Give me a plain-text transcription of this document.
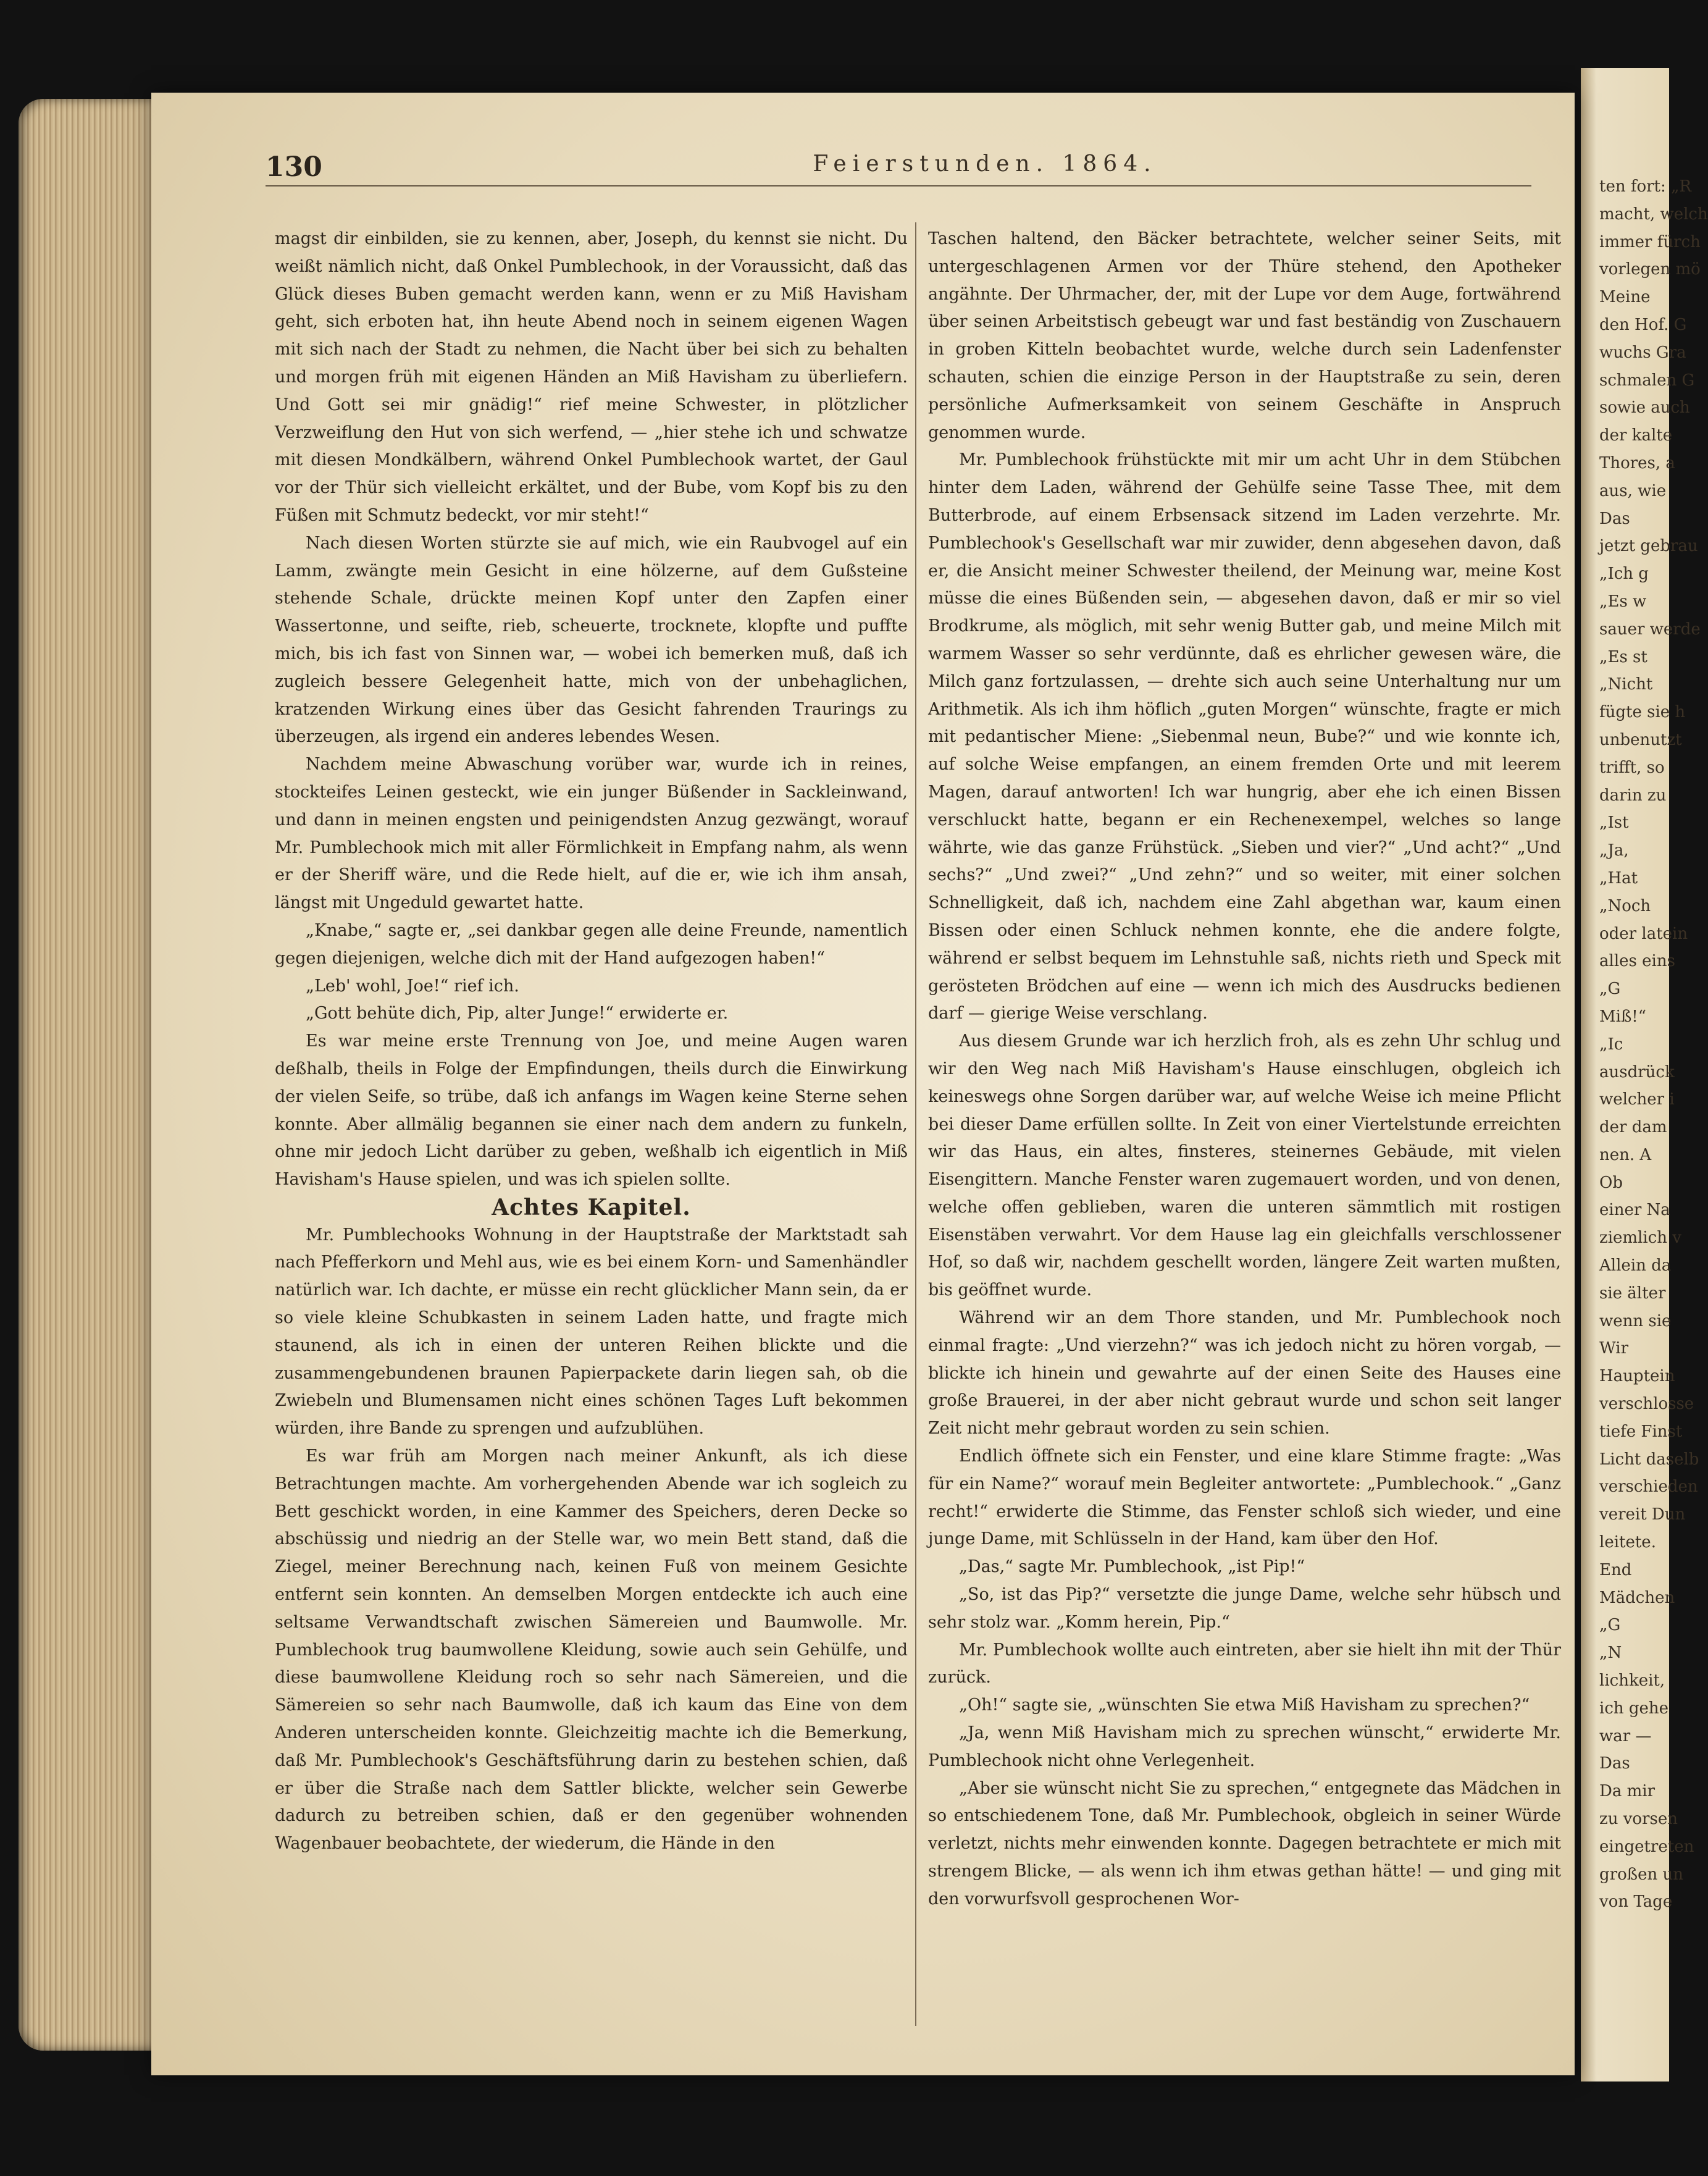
ten fort: „R
macht, welch
immer fürch
vorlegen mö
Meine
den Hof. G
wuchs Gra
schmalen G
sowie auch
der kalte
Thores, a
aus, wie
Das
jetzt gebrau
„Ich g
„Es w
sauer werde
„Es st
„Nicht
fügte sie h
unbenutzt
trifft, so
darin zu
„Ist
„Ja,
„Hat
„Noch
oder latein
alles eins
„G
Miß!“
„Ic
ausdrück
welcher i
der dam
nen. A
Ob
einer Na
ziemlich v
Allein da
sie älter
wenn sie
Wir
Hauptein
verschlosse
tiefe Finst
Licht daselb
verschieden
vereit Dun
leitete.
End
Mädchen
„G
„N
lichkeit,
ich gehe
war —
Das
Da mir
zu vorsen
eingetreten
großen un
von Tage
130	Feierstunden. 1864.

magst dir einbilden, sie zu kennen, aber, Joseph, du kennst sie nicht. Du weißt nämlich nicht, daß Onkel Pumblechook, in der Voraussicht, daß das Glück dieses Buben gemacht werden kann, wenn er zu Miß Havisham geht, sich erboten hat, ihn heute Abend noch in seinem eigenen Wagen mit sich nach der Stadt zu nehmen, die Nacht über bei sich zu behalten und morgen früh mit eigenen Händen an Miß Havisham zu überliefern. Und Gott sei mir gnädig!“ rief meine Schwester, in plötzlicher Verzweiflung den Hut von sich werfend, — „hier stehe ich und schwatze mit diesen Mondkälbern, während Onkel Pumblechook wartet, der Gaul vor der Thür sich vielleicht erkältet, und der Bube, vom Kopf bis zu den Füßen mit Schmutz bedeckt, vor mir steht!“

Nach diesen Worten stürzte sie auf mich, wie ein Raubvogel auf ein Lamm, zwängte mein Gesicht in eine hölzerne, auf dem Gußsteine stehende Schale, drückte meinen Kopf unter den Zapfen einer Wassertonne, und seifte, rieb, scheuerte, trocknete, klopfte und puffte mich, bis ich fast von Sinnen war, — wobei ich bemerken muß, daß ich zugleich bessere Gelegenheit hatte, mich von der unbehaglichen, kratzenden Wirkung eines über das Gesicht fahrenden Traurings zu überzeugen, als irgend ein anderes lebendes Wesen.

Nachdem meine Abwaschung vorüber war, wurde ich in reines, stockteifes Leinen gesteckt, wie ein junger Büßender in Sackleinwand, und dann in meinen engsten und peinigendsten Anzug gezwängt, worauf Mr. Pumblechook mich mit aller Förmlichkeit in Empfang nahm, als wenn er der Sheriff wäre, und die Rede hielt, auf die er, wie ich ihm ansah, längst mit Ungeduld gewartet hatte.

„Knabe,“ sagte er, „sei dankbar gegen alle deine Freunde, namentlich gegen diejenigen, welche dich mit der Hand aufgezogen haben!“

„Leb' wohl, Joe!“ rief ich.

„Gott behüte dich, Pip, alter Junge!“ erwiderte er.

Es war meine erste Trennung von Joe, und meine Augen waren deßhalb, theils in Folge der Empfindungen, theils durch die Einwirkung der vielen Seife, so trübe, daß ich anfangs im Wagen keine Sterne sehen konnte. Aber allmälig begannen sie einer nach dem andern zu funkeln, ohne mir jedoch Licht darüber zu geben, weßhalb ich eigentlich in Miß Havisham's Hause spielen, und was ich spielen sollte.

Achtes Kapitel.

Mr. Pumblechooks Wohnung in der Hauptstraße der Marktstadt sah nach Pfefferkorn und Mehl aus, wie es bei einem Korn- und Samenhändler natürlich war. Ich dachte, er müsse ein recht glücklicher Mann sein, da er so viele kleine Schubkasten in seinem Laden hatte, und fragte mich staunend, als ich in einen der unteren Reihen blickte und die zusammengebundenen braunen Papierpackete darin liegen sah, ob die Zwiebeln und Blumensamen nicht eines schönen Tages Luft bekommen würden, ihre Bande zu sprengen und aufzublühen.

Es war früh am Morgen nach meiner Ankunft, als ich diese Betrachtungen machte. Am vorhergehenden Abende war ich sogleich zu Bett geschickt worden, in eine Kammer des Speichers, deren Decke so abschüssig und niedrig an der Stelle war, wo mein Bett stand, daß die Ziegel, meiner Berechnung nach, keinen Fuß von meinem Gesichte entfernt sein konnten. An demselben Morgen entdeckte ich auch eine seltsame Verwandtschaft zwischen Sämereien und Baumwolle. Mr. Pumblechook trug baumwollene Kleidung, sowie auch sein Gehülfe, und diese baumwollene Kleidung roch so sehr nach Sämereien, und die Sämereien so sehr nach Baumwolle, daß ich kaum das Eine von dem Anderen unterscheiden konnte. Gleichzeitig machte ich die Bemerkung, daß Mr. Pumblechook's Geschäftsführung darin zu bestehen schien, daß er über die Straße nach dem Sattler blickte, welcher sein Gewerbe dadurch zu betreiben schien, daß er den gegenüber wohnenden Wagenbauer beobachtete, der wiederum, die Hände in den

Taschen haltend, den Bäcker betrachtete, welcher seiner Seits, mit untergeschlagenen Armen vor der Thüre stehend, den Apotheker angähnte. Der Uhrmacher, der, mit der Lupe vor dem Auge, fortwährend über seinen Arbeitstisch gebeugt war und fast beständig von Zuschauern in groben Kitteln beobachtet wurde, welche durch sein Ladenfenster schauten, schien die einzige Person in der Hauptstraße zu sein, deren persönliche Aufmerksamkeit von seinem Geschäfte in Anspruch genommen wurde.

Mr. Pumblechook frühstückte mit mir um acht Uhr in dem Stübchen hinter dem Laden, während der Gehülfe seine Tasse Thee, mit dem Butterbrode, auf einem Erbsensack sitzend im Laden verzehrte. Mr. Pumblechook's Gesellschaft war mir zuwider, denn abgesehen davon, daß er, die Ansicht meiner Schwester theilend, der Meinung war, meine Kost müsse die eines Büßenden sein, — abgesehen davon, daß er mir so viel Brodkrume, als möglich, mit sehr wenig Butter gab, und meine Milch mit warmem Wasser so sehr verdünnte, daß es ehrlicher gewesen wäre, die Milch ganz fortzulassen, — drehte sich auch seine Unterhaltung nur um Arithmetik. Als ich ihm höflich „guten Morgen“ wünschte, fragte er mich mit pedantischer Miene: „Siebenmal neun, Bube?“ und wie konnte ich, auf solche Weise empfangen, an einem fremden Orte und mit leerem Magen, darauf antworten! Ich war hungrig, aber ehe ich einen Bissen verschluckt hatte, begann er ein Rechenexempel, welches so lange währte, wie das ganze Frühstück. „Sieben und vier?“ „Und acht?“ „Und sechs?“ „Und zwei?“ „Und zehn?“ und so weiter, mit einer solchen Schnelligkeit, daß ich, nachdem eine Zahl abgethan war, kaum einen Bissen oder einen Schluck nehmen konnte, ehe die andere folgte, während er selbst bequem im Lehnstuhle saß, nichts rieth und Speck mit gerösteten Brödchen auf eine — wenn ich mich des Ausdrucks bedienen darf — gierige Weise verschlang.

Aus diesem Grunde war ich herzlich froh, als es zehn Uhr schlug und wir den Weg nach Miß Havisham's Hause einschlugen, obgleich ich keineswegs ohne Sorgen darüber war, auf welche Weise ich meine Pflicht bei dieser Dame erfüllen sollte. In Zeit von einer Viertelstunde erreichten wir das Haus, ein altes, finsteres, steinernes Gebäude, mit vielen Eisengittern. Manche Fenster waren zugemauert worden, und von denen, welche offen geblieben, waren die unteren sämmtlich mit rostigen Eisenstäben verwahrt. Vor dem Hause lag ein gleichfalls verschlossener Hof, so daß wir, nachdem geschellt worden, längere Zeit warten mußten, bis geöffnet wurde.

Während wir an dem Thore standen, und Mr. Pumblechook noch einmal fragte: „Und vierzehn?“ was ich jedoch nicht zu hören vorgab, — blickte ich hinein und gewahrte auf der einen Seite des Hauses eine große Brauerei, in der aber nicht gebraut wurde und schon seit langer Zeit nicht mehr gebraut worden zu sein schien.

Endlich öffnete sich ein Fenster, und eine klare Stimme fragte: „Was für ein Name?“ worauf mein Begleiter antwortete: „Pumblechook.“ „Ganz recht!“ erwiderte die Stimme, das Fenster schloß sich wieder, und eine junge Dame, mit Schlüsseln in der Hand, kam über den Hof.

„Das,“ sagte Mr. Pumblechook, „ist Pip!“

„So, ist das Pip?“ versetzte die junge Dame, welche sehr hübsch und sehr stolz war. „Komm herein, Pip.“

Mr. Pumblechook wollte auch eintreten, aber sie hielt ihn mit der Thür zurück.

„Oh!“ sagte sie, „wünschten Sie etwa Miß Havisham zu sprechen?“

„Ja, wenn Miß Havisham mich zu sprechen wünscht,“ erwiderte Mr. Pumblechook nicht ohne Verlegenheit.

„Aber sie wünscht nicht Sie zu sprechen,“ entgegnete das Mädchen in so entschiedenem Tone, daß Mr. Pumblechook, obgleich in seiner Würde verletzt, nichts mehr einwenden konnte. Dagegen betrachtete er mich mit strengem Blicke, — als wenn ich ihm etwas gethan hätte! — und ging mit den vorwurfsvoll gesprochenen Wor-
